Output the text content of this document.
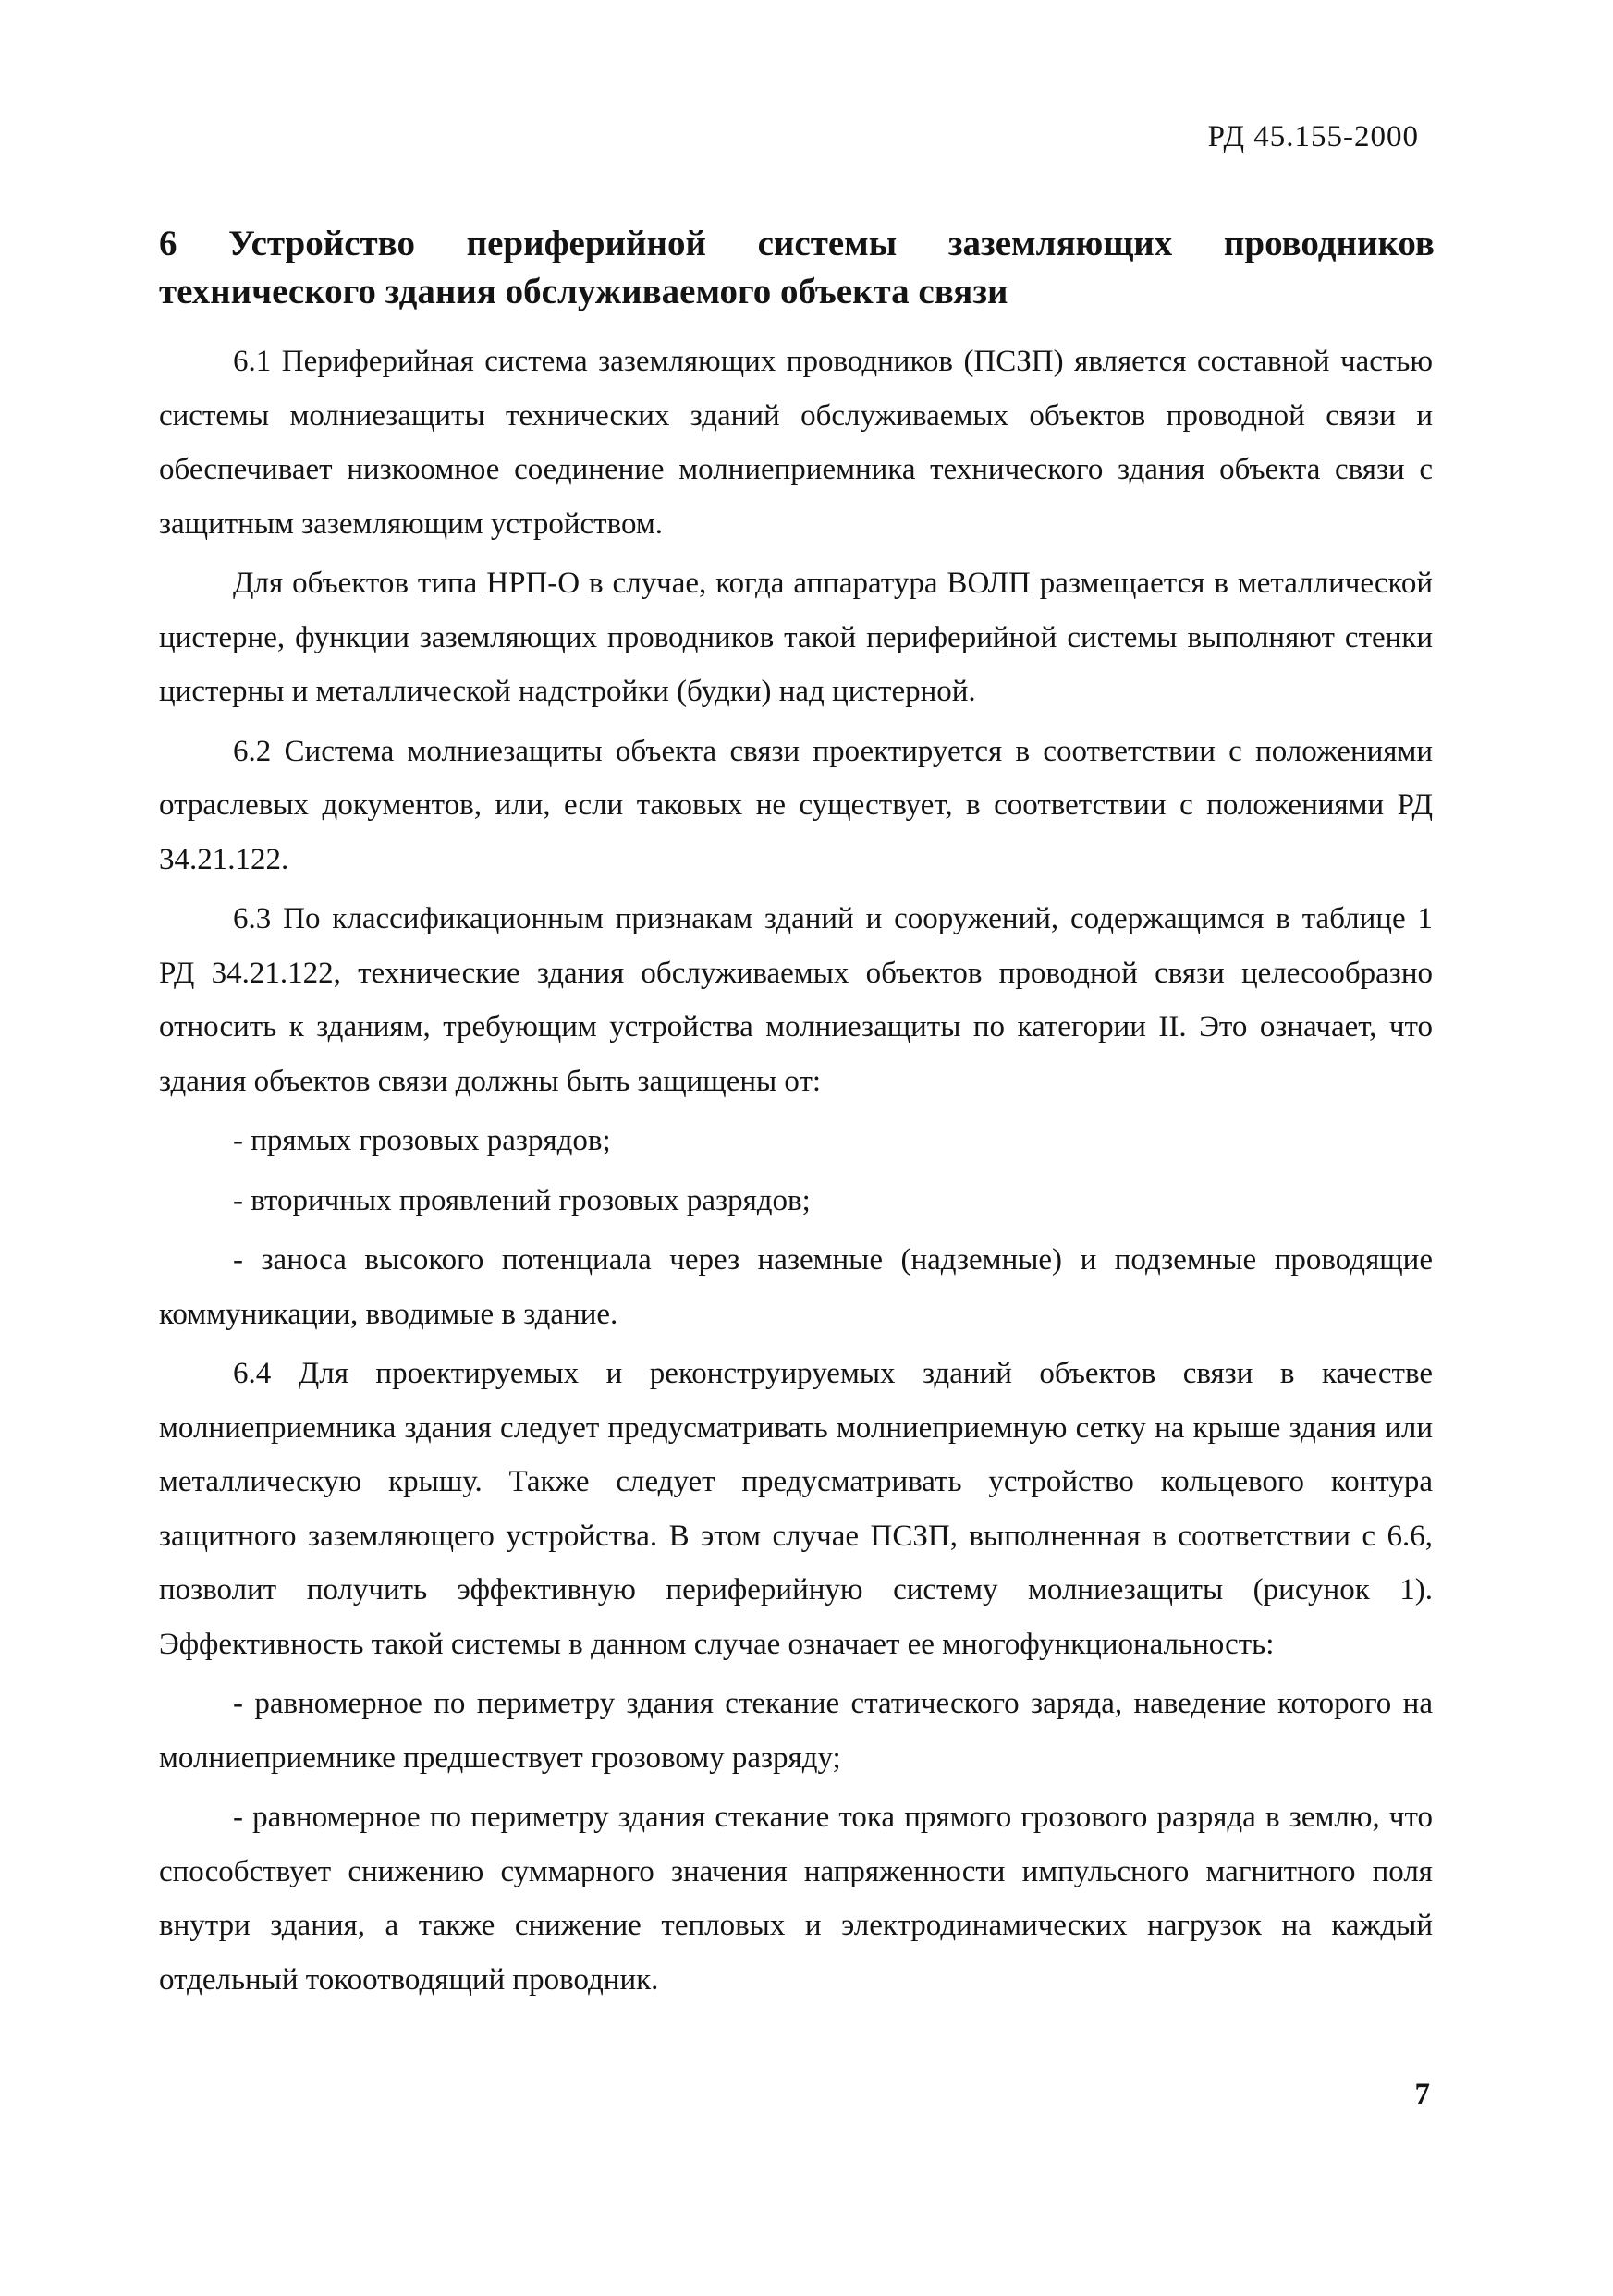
РД 45.155-2000
6 Устройство периферийной системы заземляющих проводников технического здания обслуживаемого объекта связи

6.1 Периферийная система заземляющих проводников (ПСЗП) является составной частью системы молниезащиты технических зданий обслуживаемых объектов проводной связи и обеспечивает низкоомное соединение молниеприемника технического здания объекта связи с защитным заземляющим устройством.

Для объектов типа НРП-О в случае, когда аппаратура ВОЛП размещается в металлической цистерне, функции заземляющих проводников такой периферийной системы выполняют стенки цистерны и металлической надстройки (будки) над цистерной.

6.2 Система молниезащиты объекта связи проектируется в соответствии с положениями отраслевых документов, или, если таковых не существует, в соответствии с положениями РД 34.21.122.

6.3 По классификационным признакам зданий и сооружений, содержащимся в таблице 1 РД 34.21.122, технические здания обслуживаемых объектов проводной связи целесообразно относить к зданиям, требующим устройства молниезащиты по категории II. Это означает, что здания объектов связи должны быть защищены от:

- прямых грозовых разрядов;

- вторичных проявлений грозовых разрядов;

- заноса высокого потенциала через наземные (надземные) и подземные проводящие коммуникации, вводимые в здание.

6.4 Для проектируемых и реконструируемых зданий объектов связи в качестве молниеприемника здания следует предусматривать молниеприемную сетку на крыше здания или металлическую крышу. Также следует предусматривать устройство кольцевого контура защитного заземляющего устройства. В этом случае ПСЗП, выполненная в соответствии с 6.6, позволит получить эффективную периферийную систему молниезащиты (рисунок 1). Эффективность такой системы в данном случае означает ее многофункциональность:

- равномерное по периметру здания стекание статического заряда, наведение которого на молниеприемнике предшествует грозовому разряду;

- равномерное по периметру здания стекание тока прямого грозового разряда в землю, что способствует снижению суммарного значения напряженности импульсного магнитного поля внутри здания, а также снижение тепловых и электродинамических нагрузок на каждый отдельный токоотводящий проводник.

7
